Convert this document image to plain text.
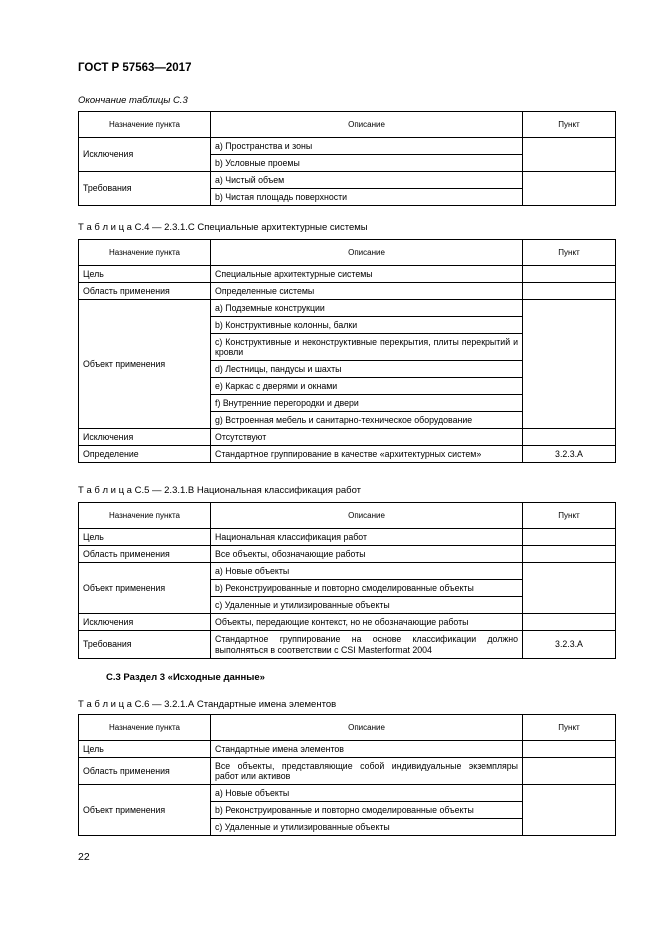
ГОСТ Р 57563—2017
Окончание таблицы С.3
Назначение пункта	Описание	Пункт
Исключения	a) Пространства и зоны	
	b) Условные проемы	
Требования	a) Чистый объем	
	b) Чистая площадь поверхности	
Т а б л и ц а С.4 — 2.3.1.С Специальные архитектурные системы
Назначение пункта	Описание	Пункт
Цель	Специальные архитектурные системы	
Область применения	Определенные системы	
Объект применения	a) Подземные конструкции	
	b) Конструктивные колонны, балки	
	c) Конструктивные и неконструктивные перекрытия, плиты перекрытий и кровли	
	d) Лестницы, пандусы и шахты	
	e) Каркас с дверями и окнами	
	f) Внутренние перегородки и двери	
	g) Встроенная мебель и санитарно-техническое оборудование	
Исключения	Отсутствуют	
Определение	Стандартное группирование в качестве «архитектурных систем»	3.2.3.А
Т а б л и ц а С.5 — 2.3.1.В Национальная классификация работ
Назначение пункта	Описание	Пункт
Цель	Национальная классификация работ	
Область применения	Все объекты, обозначающие работы	
Объект применения	a) Новые объекты	
	b) Реконструированные и повторно смоделированные объекты	
	c) Удаленные и утилизированные объекты	
Исключения	Объекты, передающие контекст, но не обозначающие работы	
Требования	Стандартное группирование на основе классификации должно выполняться в соответствии с CSI Masterformat 2004	3.2.3.А
С.3 Раздел 3 «Исходные данные»
Т а б л и ц а С.6 — 3.2.1.А Стандартные имена элементов
Назначение пункта	Описание	Пункт
Цель	Стандартные имена элементов	
Область применения	Все объекты, представляющие собой индивидуальные экземпляры работ или активов	
Объект применения	a) Новые объекты	
	b) Реконструированные и повторно смоделированные объекты	
	c) Удаленные и утилизированные объекты	
22
